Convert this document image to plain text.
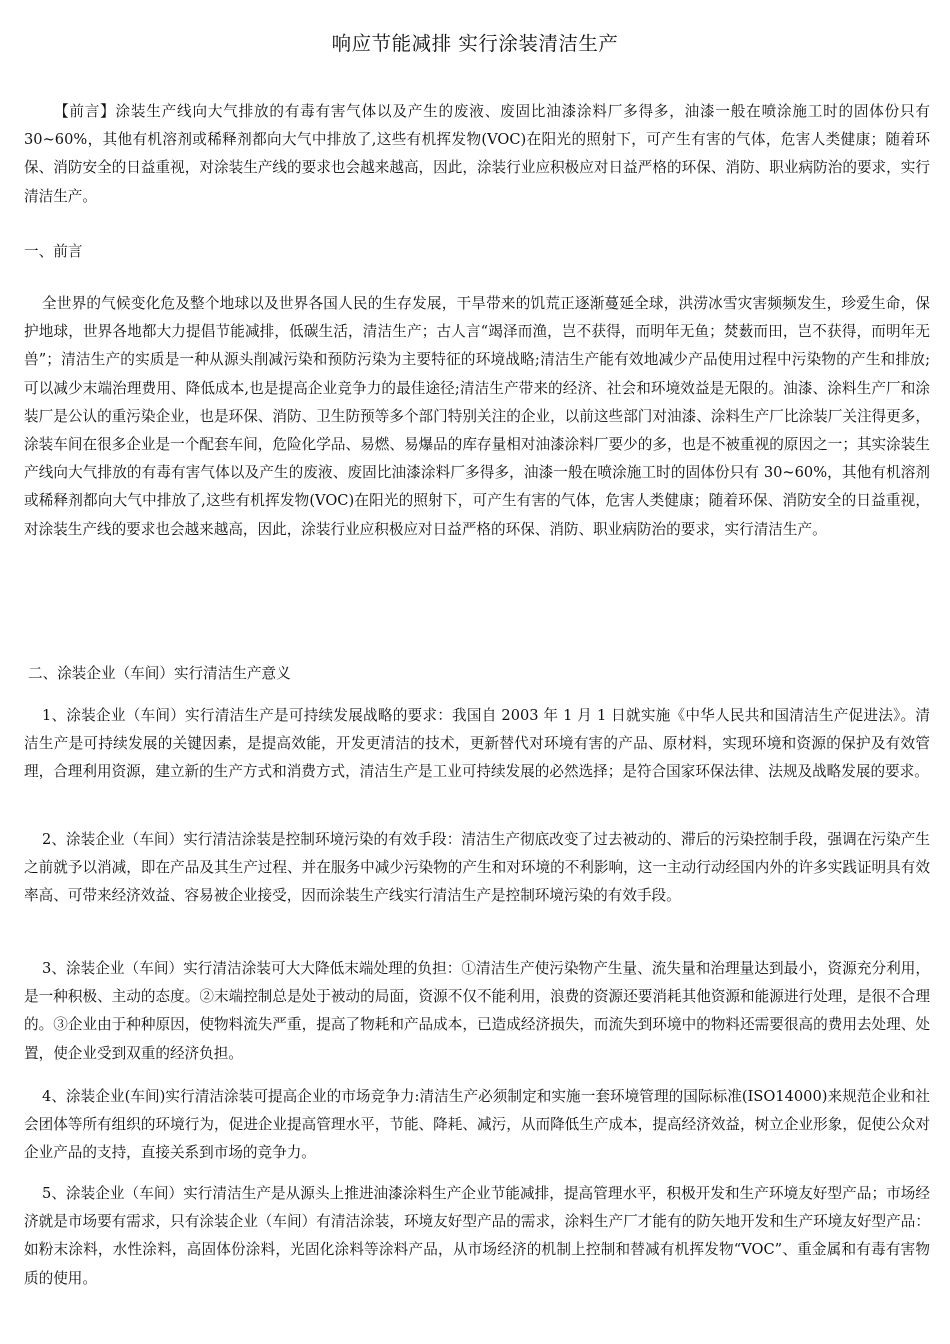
响应节能减排 实行涂装清洁生产

【前言】涂装生产线向大气排放的有毒有害气体以及产生的废液、废固比油漆涂料厂多得多，油漆一般在喷涂施工时的固体份只有 30~60%，其他有机溶剂或稀释剂都向大气中排放了,这些有机挥发物(VOC)在阳光的照射下，可产生有害的气体，危害人类健康；随着环保、消防安全的日益重视，对涂装生产线的要求也会越来越高，因此，涂装行业应积极应对日益严格的环保、消防、职业病防治的要求，实行清洁生产。

一、前言

全世界的气候变化危及整个地球以及世界各国人民的生存发展，干旱带来的饥荒正逐渐蔓延全球，洪涝冰雪灾害频频发生，珍爱生命，保护地球，世界各地都大力提倡节能减排，低碳生活，清洁生产；古人言“竭泽而渔，岂不获得，而明年无鱼；焚薮而田，岂不获得，而明年无兽”；清洁生产的实质是一种从源头削减污染和预防污染为主要特征的环境战略;清洁生产能有效地减少产品使用过程中污染物的产生和排放;可以减少末端治理费用、降低成本,也是提高企业竞争力的最佳途径;清洁生产带来的经济、社会和环境效益是无限的。油漆、涂料生产厂和涂装厂是公认的重污染企业，也是环保、消防、卫生防预等多个部门特别关注的企业，以前这些部门对油漆、涂料生产厂比涂装厂关注得更多，涂装车间在很多企业是一个配套车间，危险化学品、易燃、易爆品的库存量相对油漆涂料厂要少的多，也是不被重视的原因之一；其实涂装生产线向大气排放的有毒有害气体以及产生的废液、废固比油漆涂料厂多得多，油漆一般在喷涂施工时的固体份只有 30~60%，其他有机溶剂或稀释剂都向大气中排放了,这些有机挥发物(VOC)在阳光的照射下，可产生有害的气体，危害人类健康；随着环保、消防安全的日益重视，对涂装生产线的要求也会越来越高，因此，涂装行业应积极应对日益严格的环保、消防、职业病防治的要求，实行清洁生产。

二、涂装企业（车间）实行清洁生产意义

1、涂装企业（车间）实行清洁生产是可持续发展战略的要求：我国自 2003 年 1 月 1 日就实施《中华人民共和国清洁生产促进法》。清洁生产是可持续发展的关键因素，是提高效能，开发更清洁的技术，更新替代对环境有害的产品、原材料，实现环境和资源的保护及有效管理，合理利用资源，建立新的生产方式和消费方式，清洁生产是工业可持续发展的必然选择；是符合国家环保法律、法规及战略发展的要求。

2、涂装企业（车间）实行清洁涂装是控制环境污染的有效手段：清洁生产彻底改变了过去被动的、滞后的污染控制手段，强调在污染产生之前就予以消减，即在产品及其生产过程、并在服务中减少污染物的产生和对环境的不利影响，这一主动行动经国内外的许多实践证明具有效率高、可带来经济效益、容易被企业接受，因而涂装生产线实行清洁生产是控制环境污染的有效手段。

3、涂装企业（车间）实行清洁涂装可大大降低末端处理的负担：①清洁生产使污染物产生量、流失量和治理量达到最小，资源充分利用，是一种积极、主动的态度。②末端控制总是处于被动的局面，资源不仅不能利用，浪费的资源还要消耗其他资源和能源进行处理，是很不合理的。③企业由于种种原因，使物料流失严重，提高了物耗和产品成本，已造成经济损失，而流失到环境中的物料还需要很高的费用去处理、处置，使企业受到双重的经济负担。

4、涂装企业(车间)实行清洁涂装可提高企业的市场竞争力:清洁生产必须制定和实施一套环境管理的国际标准(ISO14000)来规范企业和社会团体等所有组织的环境行为，促进企业提高管理水平，节能、降耗、减污，从而降低生产成本，提高经济效益，树立企业形象，促使公众对企业产品的支持，直接关系到市场的竞争力。

5、涂装企业（车间）实行清洁生产是从源头上推进油漆涂料生产企业节能减排，提高管理水平，积极开发和生产环境友好型产品；市场经济就是市场要有需求，只有涂装企业（车间）有清洁涂装，环境友好型产品的需求，涂料生产厂才能有的防矢地开发和生产环境友好型产品：如粉末涂料，水性涂料，高固体份涂料，光固化涂料等涂料产品，从市场经济的机制上控制和替减有机挥发物“VOC”、重金属和有毒有害物质的使用。
